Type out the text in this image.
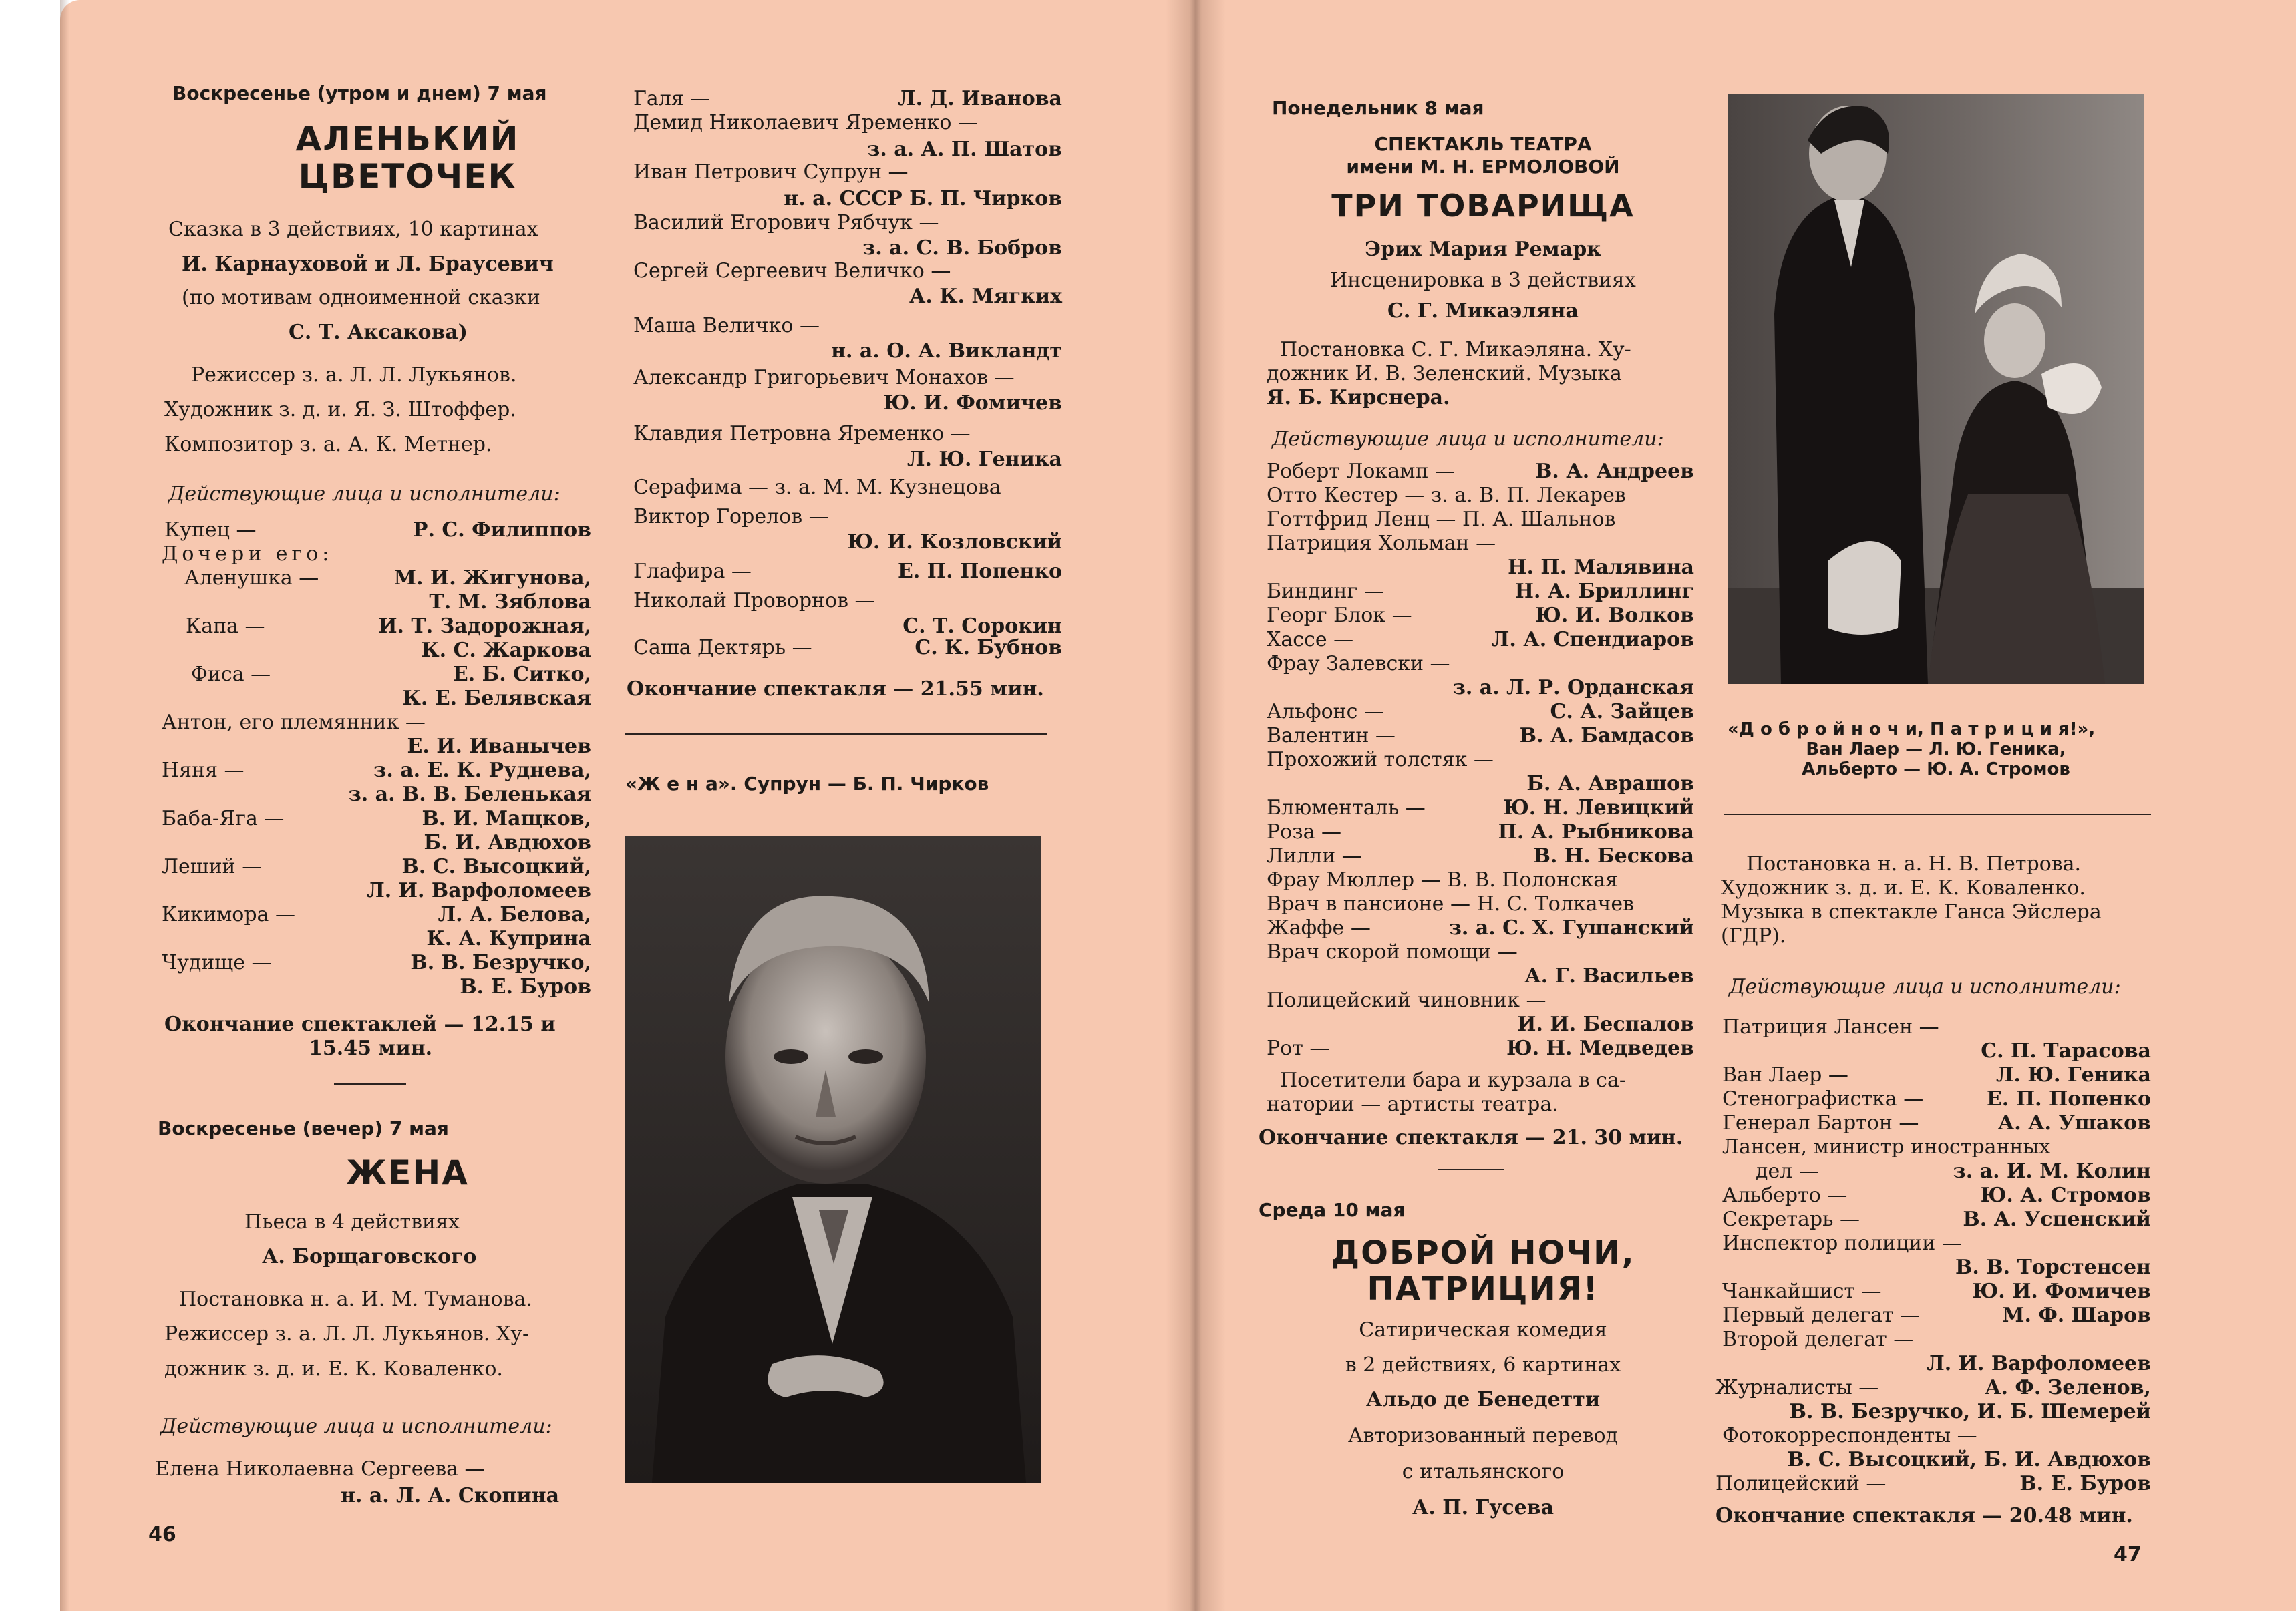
Воскресенье (утром и днем) 7 мая
АЛЕНЬКИЙ
ЦВЕТОЧЕК
Сказка в 3 действиях, 10 картинах
И. Карнауховой и Л. Браусевич
(по мотивам одноименной сказки
С. Т. Аксакова)
Режиссер з. а. Л. Л. Лукьянов.
Художник з. д. и. Я. З. Штоффер.
Композитор з. а. А. К. Метнер.
Действующие лица и исполнители:
Купец —	Р. С. Филиппов
Дочери его:
Аленушка —	М. И. Жигунова,
Т. М. Зяблова
Капа —	И. Т. Задорожная,
К. С. Жаркова
Фиса —	Е. Б. Ситко,
К. Е. Белявская
Антон, его племянник —
Е. И. Иванычев
Няня —	з. а. Е. К. Руднева,
з. а. В. В. Беленькая
Баба-Яга —	В. И. Мащков,
Б. И. Авдюхов
Леший —	В. С. Высоцкий,
Л. И. Варфоломеев
Кикимора —	Л. А. Белова,
К. А. Куприна
Чудище —	В. В. Безручко,
В. Е. Буров
Окончание спектаклей — 12.15 и
15.45 мин.
Воскресенье (вечер) 7 мая
ЖЕНА
Пьеса в 4 действиях
А. Борщаговского
Постановка н. а. И. М. Туманова.
Режиссер з. а. Л. Л. Лукьянов. Ху-
дожник з. д. и. Е. К. Коваленко.
Действующие лица и исполнители:
Елена Николаевна Сергеева —
н. а. Л. А. Скопина
46
Галя —	Л. Д. Иванова
Демид Николаевич Яременко —
з. а. А. П. Шатов
Иван Петрович Супрун —
н. а. СССР Б. П. Чирков
Василий Егорович Рябчук —
з. а. С. В. Бобров
Сергей Сергеевич Величко —
А. К. Мягких
Маша Величко —
н. а. О. А. Викландт
Александр Григорьевич Монахов —
Ю. И. Фомичев
Клавдия Петровна Яременко —
Л. Ю. Геника
Серафима — з. а. М. М. Кузнецова
Виктор Горелов —
Ю. И. Козловский
Глафира —	Е. П. Попенко
Николай Проворнов —
С. Т. Сорокин
Саша Дектярь —	С. К. Бубнов
Окончание спектакля — 21.55 мин.
«Ж е н а». Супрун — Б. П. Чирков
Понедельник 8 мая
СПЕКТАКЛЬ ТЕАТРА
имени М. Н. ЕРМОЛОВОЙ
ТРИ ТОВАРИЩА
Эрих Мария Ремарк
Инсценировка в 3 действиях
С. Г. Микаэляна
Постановка С. Г. Микаэляна. Ху-
дожник И. В. Зеленский. Музыка
Я. Б. Кирснера.
Действующие лица и исполнители:
Роберт Локамп —	В. А. Андреев
Отто Кестер — з. а. В. П. Лекарев
Готтфрид Ленц — П. А. Шальнов
Патриция Хольман —
Н. П. Малявина
Биндинг —	Н. А. Бриллинг
Георг Блок —	Ю. И. Волков
Хассе —	Л. А. Спендиаров
Фрау Залевски —
з. а. Л. Р. Орданская
Альфонс —	С. А. Зайцев
Валентин —	В. А. Бамдасов
Прохожий толстяк —
Б. А. Аврашов
Блюменталь —	Ю. Н. Левицкий
Роза —	П. А. Рыбникова
Лилли —	В. Н. Бескова
Фрау Мюллер — В. В. Полонская
Врач в пансионе — Н. С. Толкачев
Жаффе —	з. а. С. Х. Гушанский
Врач скорой помощи —
А. Г. Васильев
Полицейский чиновник —
И. И. Беспалов
Рот —	Ю. Н. Медведев
Посетители бара и курзала в са-
натории — артисты театра.
Окончание спектакля — 21. 30 мин.
Среда 10 мая
ДОБРОЙ НОЧИ,
ПАТРИЦИЯ!
Сатирическая комедия
в 2 действиях, 6 картинах
Альдо де Бенедетти
Авторизованный перевод
с итальянского
А. П. Гусева
«Д о б р о й н о ч и, П а т р и ц и я!»,
Ван Лаер — Л. Ю. Геника,
Альберто — Ю. А. Стромов
Постановка н. а. Н. В. Петрова.
Художник з. д. и. Е. К. Коваленко.
Музыка в спектакле Ганса Эйслера
(ГДР).
Действующие лица и исполнители:
Патриция Лансен —
С. П. Тарасова
Ван Лаер —	Л. Ю. Геника
Стенографистка —	Е. П. Попенко
Генерал Бартон —	А. А. Ушаков
Лансен, министр иностранных
дел —	з. а. И. М. Колин
Альберто —	Ю. А. Стромов
Секретарь —	В. А. Успенский
Инспектор полиции —
В. В. Торстенсен
Чанкайшист —	Ю. И. Фомичев
Первый делегат —	М. Ф. Шаров
Второй делегат —
Л. И. Варфоломеев
Журналисты —	А. Ф. Зеленов,
В. В. Безручко, И. Б. Шемерей
Фотокорреспонденты —
В. С. Высоцкий, Б. И. Авдюхов
Полицейский —	В. Е. Буров
Окончание спектакля — 20.48 мин.
47
